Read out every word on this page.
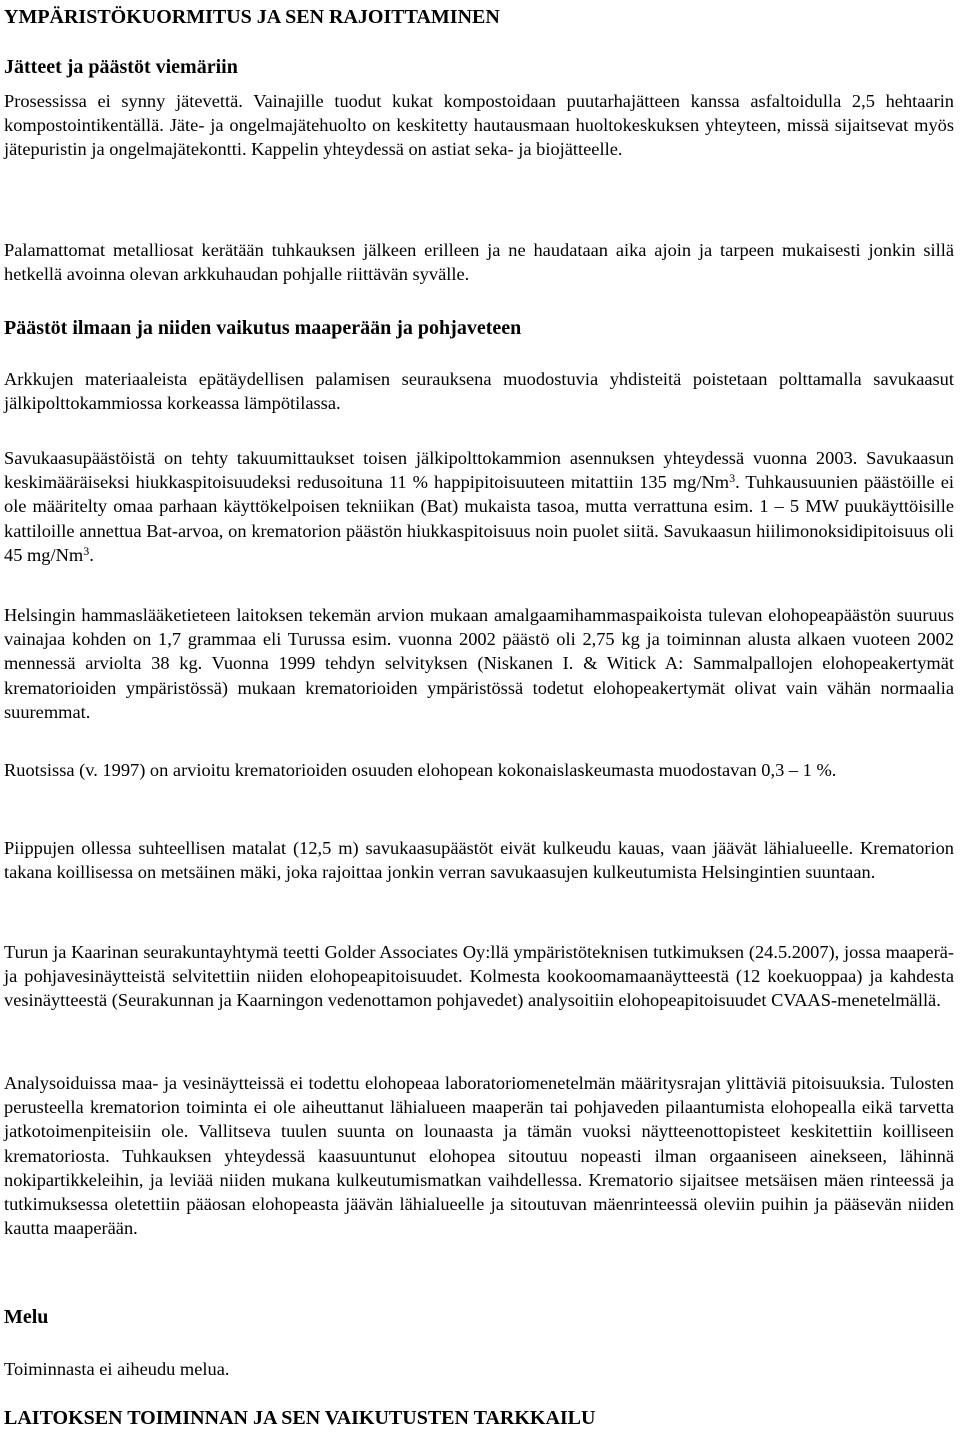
YMPÄRISTÖKUORMITUS JA SEN RAJOITTAMINEN

Jätteet ja päästöt viemäriin

Prosessissa ei synny jätevettä. Vainajille tuodut kukat kompostoidaan puutarhajätteen kanssa asfaltoidulla 2,5 hehtaarin kompostointikentällä. Jäte- ja ongelmajätehuolto on keskitetty hautausmaan huoltokeskuksen yhteyteen, missä sijaitsevat myös jätepuristin ja ongelmajätekontti. Kappelin yhteydessä on astiat seka- ja biojätteelle.

Palamattomat metalliosat kerätään tuhkauksen jälkeen erilleen ja ne haudataan aika ajoin ja tarpeen mukaisesti jonkin sillä hetkellä avoinna olevan arkkuhaudan pohjalle riittävän syvälle.

Päästöt ilmaan ja niiden vaikutus maaperään ja pohjaveteen

Arkkujen materiaaleista epätäydellisen palamisen seurauksena muodostuvia yhdisteitä poistetaan polttamalla savukaasut jälkipolttokammiossa korkeassa lämpötilassa.

Savukaasupäästöistä on tehty takuumittaukset toisen jälkipolttokammion asennuksen yhteydessä vuonna 2003. Savukaasun keskimääräiseksi hiukkaspitoisuudeksi redusoituna 11 % happipitoisuuteen mitattiin 135 mg/Nm$^3$. Tuhkausuunien päästöille ei ole määritelty omaa parhaan käyttökelpoisen tekniikan (Bat) mukaista tasoa, mutta verrattuna esim. 1 – 5 MW puukäyttöisille kattiloille annettua Bat-arvoa, on krematorion päästön hiukkaspitoisuus noin puolet siitä. Savukaasun hiilimonoksidipitoisuus oli 45 mg/Nm$^3$.

Helsingin hammaslääketieteen laitoksen tekemän arvion mukaan amalgaamihammaspaikoista tulevan elohopeapäästön suuruus vainajaa kohden on 1,7 grammaa eli Turussa esim. vuonna 2002 päästö oli 2,75 kg ja toiminnan alusta alkaen vuoteen 2002 mennessä arviolta 38 kg. Vuonna 1999 tehdyn selvityksen (Niskanen I. & Witick A: Sammalpallojen elohopeakertymät krematorioiden ympäristössä) mukaan krematorioiden ympäristössä todetut elohopeakertymät olivat vain vähän normaalia suuremmat.

Ruotsissa (v. 1997) on arvioitu krematorioiden osuuden elohopean kokonaislaskeumasta muodostavan 0,3 – 1 %.

Piippujen ollessa suhteellisen matalat (12,5 m) savukaasupäästöt eivät kulkeudu kauas, vaan jäävät lähialueelle. Krematorion takana koillisessa on metsäinen mäki, joka rajoittaa jonkin verran savukaasujen kulkeutumista Helsingintien suuntaan.

Turun ja Kaarinan seurakuntayhtymä teetti Golder Associates Oy:llä ympäristöteknisen tutkimuksen (24.5.2007), jossa maaperä- ja pohjavesinäytteistä selvitettiin niiden elohopeapitoisuudet. Kolmesta kookoomamaanäytteestä (12 koekuoppaa) ja kahdesta vesinäytteestä (Seurakunnan ja Kaarningon vedenottamon pohjavedet) analysoitiin elohopeapitoisuudet CVAAS-menetelmällä.

Analysoiduissa maa- ja vesinäytteissä ei todettu elohopeaa laboratoriomenetelmän määritysrajan ylittäviä pitoisuuksia. Tulosten perusteella krematorion toiminta ei ole aiheuttanut lähialueen maaperän tai pohjaveden pilaantumista elohopealla eikä tarvetta jatkotoimenpiteisiin ole. Vallitseva tuulen suunta on lounaasta ja tämän vuoksi näytteenottopisteet keskitettiin koilliseen krematoriosta. Tuhkauksen yhteydessä kaasuuntunut elohopea sitoutuu nopeasti ilman orgaaniseen ainekseen, lähinnä nokipartikkeleihin, ja leviää niiden mukana kulkeutumismatkan vaihdellessa. Krematorio sijaitsee metsäisen mäen rinteessä ja tutkimuksessa oletettiin pääosan elohopeasta jäävän lähialueelle ja sitoutuvan mäenrinteessä oleviin puihin ja pääsevän niiden kautta maaperään.

Melu

Toiminnasta ei aiheudu melua.

LAITOKSEN TOIMINNAN JA SEN VAIKUTUSTEN TARKKAILU
